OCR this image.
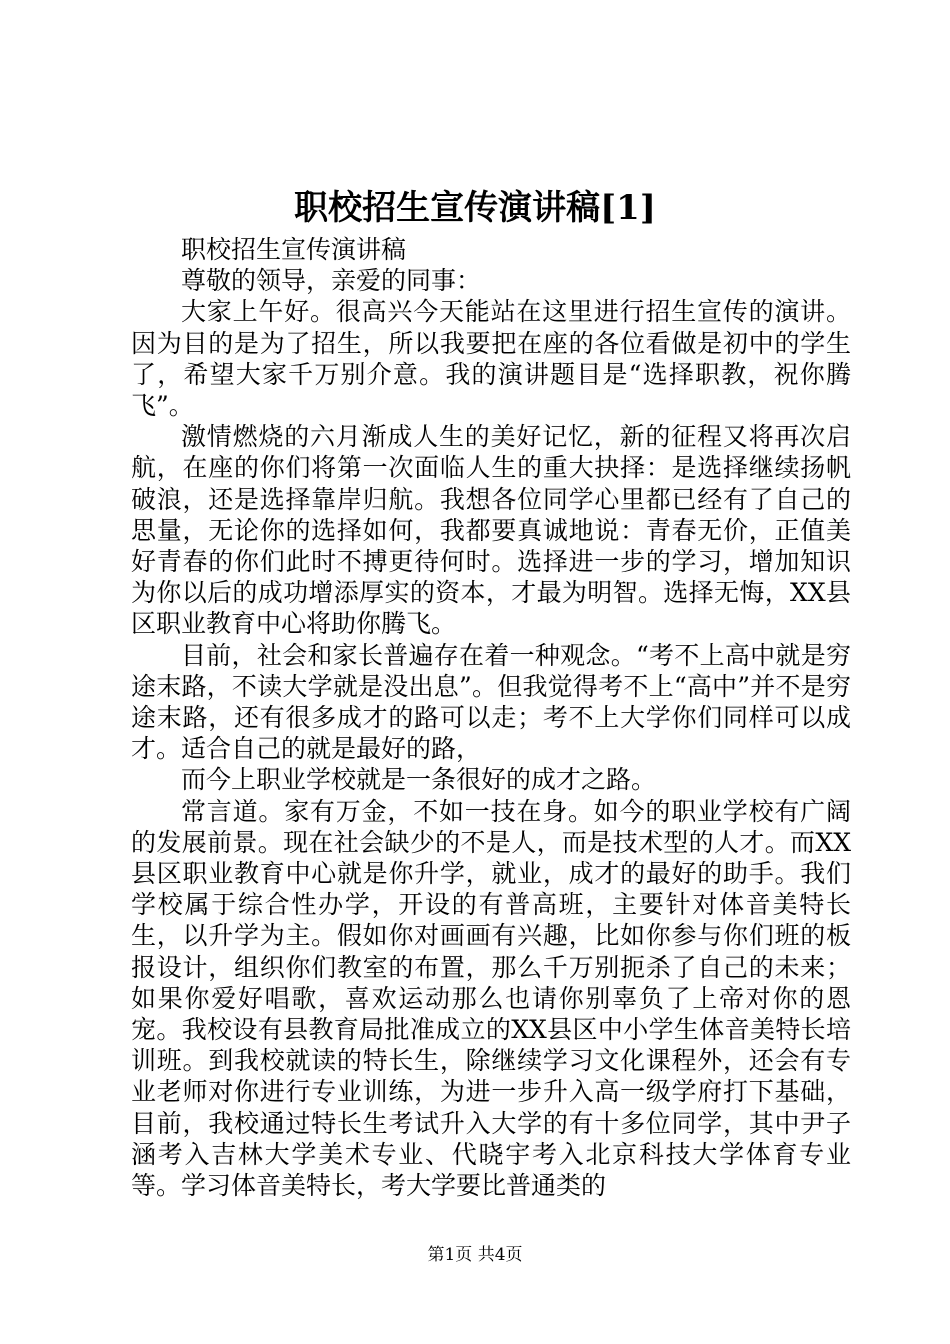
职校招生宣传演讲稿[1]

职校招生宣传演讲稿

尊敬的领导，亲爱的同事：

大家上午好。很高兴今天能站在这里进行招生宣传的演讲。因为目的是为了招生，所以我要把在座的各位看做是初中的学生了，希望大家千万别介意。我的演讲题目是“选择职教，祝你腾飞”。

激情燃烧的六月渐成人生的美好记忆，新的征程又将再次启航，在座的你们将第一次面临人生的重大抉择：是选择继续扬帆破浪，还是选择靠岸归航。我想各位同学心里都已经有了自己的思量，无论你的选择如何，我都要真诚地说：青春无价，正值美好青春的你们此时不搏更待何时。选择进一步的学习，增加知识为你以后的成功增添厚实的资本，才最为明智。选择无悔，XX县区职业教育中心将助你腾飞。

目前，社会和家长普遍存在着一种观念。“考不上高中就是穷途末路，不读大学就是没出息”。但我觉得考不上“高中”并不是穷途末路，还有很多成才的路可以走；考不上大学你们同样可以成才。适合自己的就是最好的路，

而今上职业学校就是一条很好的成才之路。

常言道。家有万金，不如一技在身。如今的职业学校有广阔的发展前景。现在社会缺少的不是人，而是技术型的人才。而XX县区职业教育中心就是你升学，就业，成才的最好的助手。我们学校属于综合性办学，开设的有普高班，主要针对体音美特长生，以升学为主。假如你对画画有兴趣，比如你参与你们班的板报设计，组织你们教室的布置，那么千万别扼杀了自己的未来；如果你爱好唱歌，喜欢运动那么也请你别辜负了上帝对你的恩宠。我校设有县教育局批准成立的XX县区中小学生体音美特长培训班。到我校就读的特长生，除继续学习文化课程外，还会有专业老师对你进行专业训练，为进一步升入高一级学府打下基础，目前，我校通过特长生考试升入大学的有十多位同学，其中尹子涵考入吉林大学美术专业、代晓宇考入北京科技大学体育专业等。学习体音美特长，考大学要比普通类的

第1页 共4页
